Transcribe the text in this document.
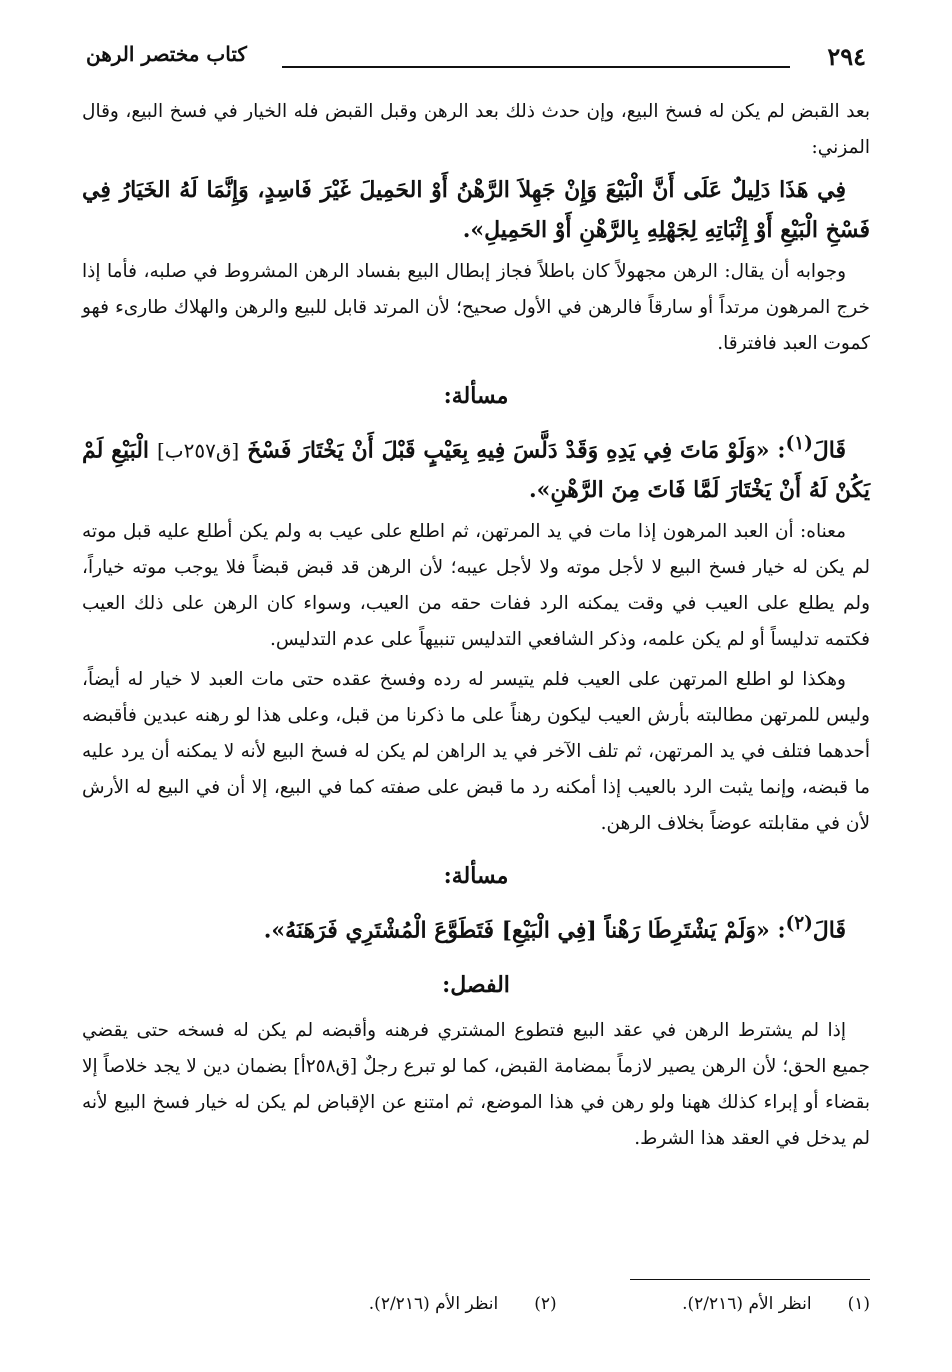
٢٩٤
كتاب مختصر الرهن

بعد القبض لم يكن له فسخ البيع، وإن حدث ذلك بعد الرهن وقبل القبض فله الخيار في فسخ البيع، وقال المزني:

فِي هَذَا دَلِيلٌ عَلَى أَنَّ الْبَيْعَ وَإِنْ جَهِلاَ الرَّهْنُ أَوْ الحَمِيلَ غَيْرَ فَاسِدٍ، وَإِنَّمَا لَهُ الخَيَارُ فِي فَسْخِ الْبَيْعِ أَوْ إِثْبَاتِهِ لِجَهْلِهِ بِالرَّهْنِ أَوْ الحَمِيلِ».

وجوابه أن يقال: الرهن مجهولاً كان باطلاً فجاز إبطال البيع بفساد الرهن المشروط في صلبه، فأما إذا خرج المرهون مرتداً أو سارقاً فالرهن في الأول صحيح؛ لأن المرتد قابل للبيع والرهن والهلاك طارىء فهو كموت العبد فافترقا.

مسألة:

قَالَ$^{(١)}$: «وَلَوْ مَاتَ فِي يَدِهِ وَقَدْ دَلَّسَ فِيهِ بِعَيْبٍ قَبْلَ أَنْ يَخْتَارَ فَسْخَ [ق٢٥٧ب] الْبَيْعِ لَمْ يَكُنْ لَهُ أَنْ يَخْتَارَ لَمَّا فَاتَ مِنَ الرَّهْنِ».

معناه: أن العبد المرهون إذا مات في يد المرتهن، ثم اطلع على عيب به ولم يكن أطلع عليه قبل موته لم يكن له خيار فسخ البيع لا لأجل موته ولا لأجل عيبه؛ لأن الرهن قد قبض قبضاً فلا يوجب موته خياراً، ولم يطلع على العيب في وقت يمكنه الرد ففات حقه من العيب، وسواء كان الرهن على ذلك العيب فكتمه تدليساً أو لم يكن علمه، وذكر الشافعي التدليس تنبيهاً على عدم التدليس.

وهكذا لو اطلع المرتهن على العيب فلم يتيسر له رده وفسخ عقده حتى مات العبد لا خيار له أيضاً، وليس للمرتهن مطالبته بأرش العيب ليكون رهناً على ما ذكرنا من قبل، وعلى هذا لو رهنه عبدين فأقبضه أحدهما فتلف في يد المرتهن، ثم تلف الآخر في يد الراهن لم يكن له فسخ البيع لأنه لا يمكنه أن يرد عليه ما قبضه، وإنما يثبت الرد بالعيب إذا أمكنه رد ما قبض على صفته كما في البيع، إلا أن في البيع له الأرش لأن في مقابلته عوضاً بخلاف الرهن.

مسألة:

قَالَ$^{(٢)}$: «وَلَمْ يَشْتَرِطَا رَهْناً [فِي الْبَيْعِ] فَتَطَوَّعَ الْمُشْتَرِي فَرَهَنَهُ».

الفصل:

إذا لم يشترط الرهن في عقد البيع فتطوع المشتري فرهنه وأقبضه لم يكن له فسخه حتى يقضي جميع الحق؛ لأن الرهن يصير لازماً بمضامة القبض، كما لو تبرع رجلٌ [ق٢٥٨أ] بضمان دين لا يجد خلاصاً إلا بقضاء أو إبراء كذلك ههنا ولو رهن في هذا الموضع، ثم امتنع عن الإقباض لم يكن له خيار فسخ البيع لأنه لم يدخل في العقد هذا الشرط.

(١)انظر الأم (٢/٢١٦). (٢)انظر الأم (٢/٢١٦).
